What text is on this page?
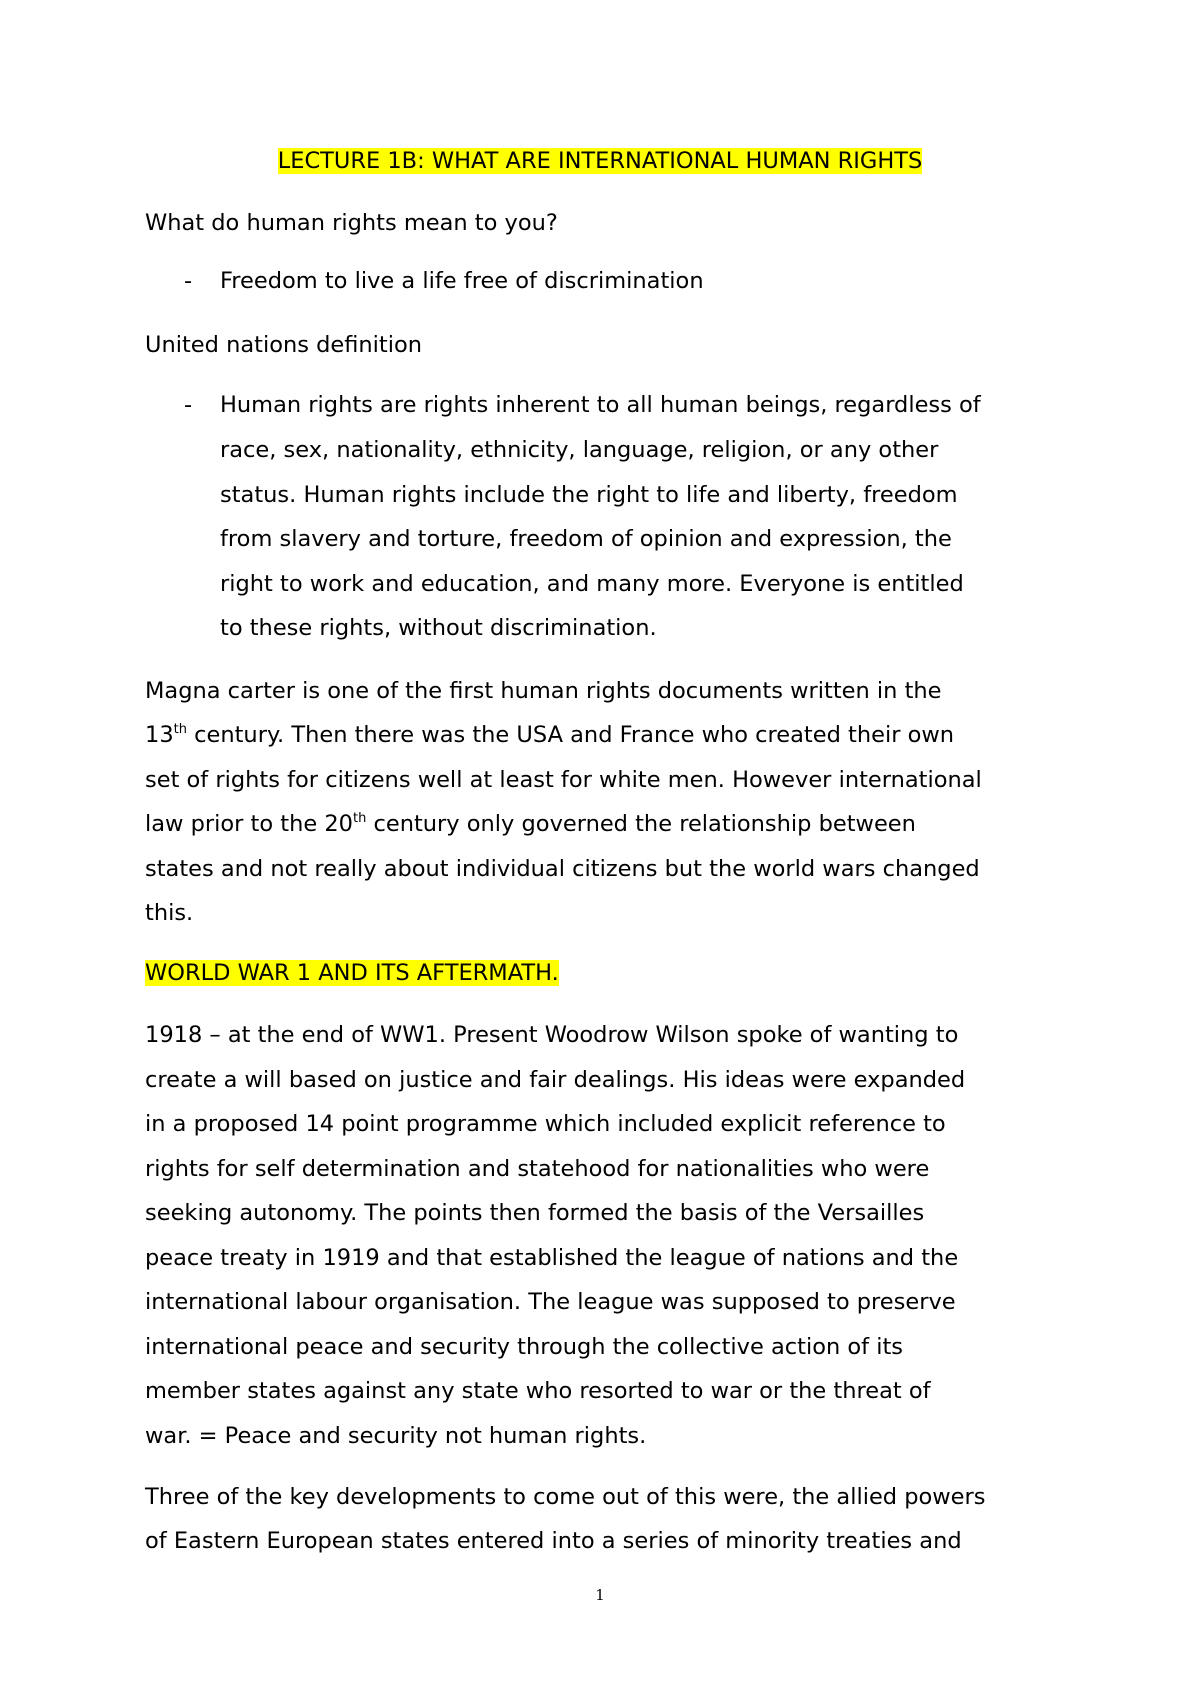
LECTURE 1B: WHAT ARE INTERNATIONAL HUMAN RIGHTS
What do human rights mean to you?
- Freedom to live a life free of discrimination
United nations definition
- Human rights are rights inherent to all human beings, regardless of
race, sex, nationality, ethnicity, language, religion, or any other
status. Human rights include the right to life and liberty, freedom
from slavery and torture, freedom of opinion and expression, the
right to work and education, and many more. Everyone is entitled
to these rights, without discrimination.
Magna carter is one of the first human rights documents written in the
13th century. Then there was the USA and France who created their own
set of rights for citizens well at least for white men. However international
law prior to the 20th century only governed the relationship between
states and not really about individual citizens but the world wars changed
this.
WORLD WAR 1 AND ITS AFTERMATH.
1918 – at the end of WW1. Present Woodrow Wilson spoke of wanting to
create a will based on justice and fair dealings. His ideas were expanded
in a proposed 14 point programme which included explicit reference to
rights for self determination and statehood for nationalities who were
seeking autonomy. The points then formed the basis of the Versailles
peace treaty in 1919 and that established the league of nations and the
international labour organisation. The league was supposed to preserve
international peace and security through the collective action of its
member states against any state who resorted to war or the threat of
war. = Peace and security not human rights.
Three of the key developments to come out of this were, the allied powers
of Eastern European states entered into a series of minority treaties and
1
